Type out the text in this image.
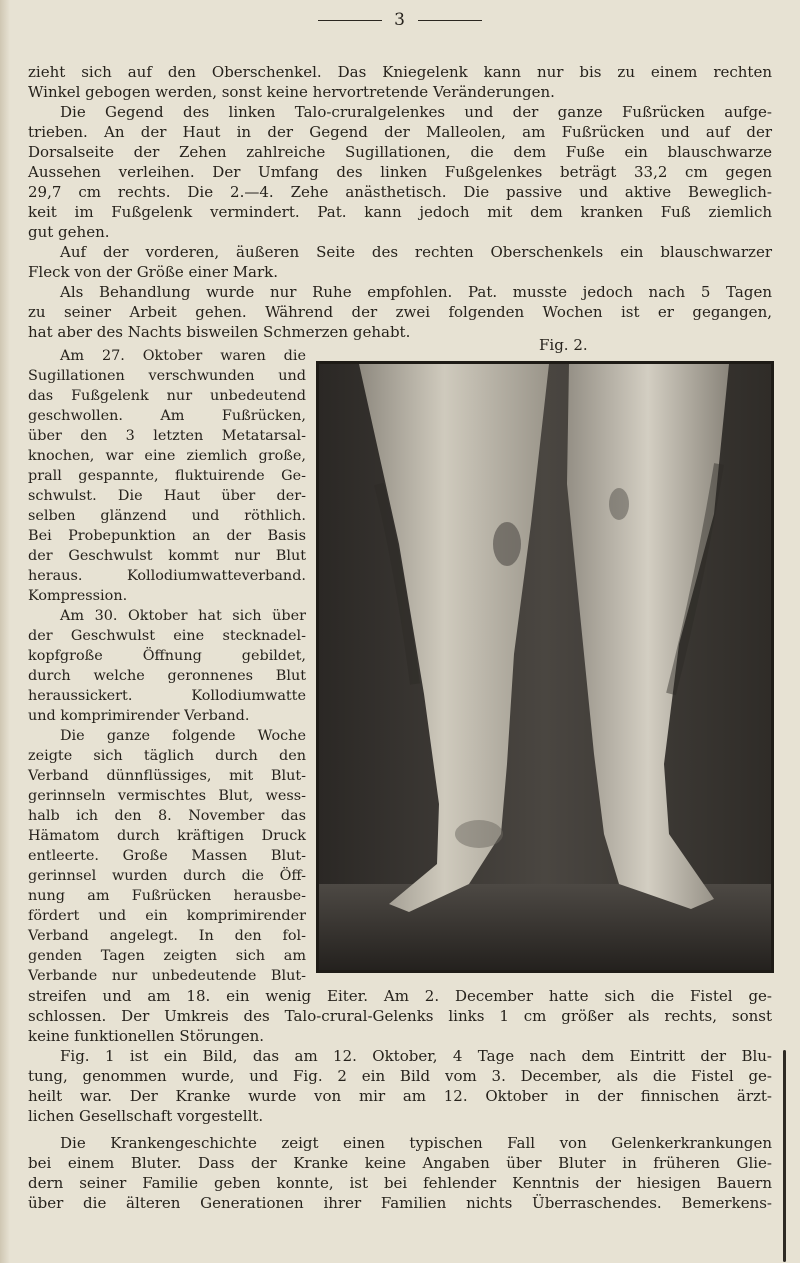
3
zieht sich auf den Oberschenkel. Das Kniegelenk kann nur bis zu einem rechten
Winkel gebogen werden, sonst keine hervortretende Veränderungen.
Die Gegend des linken Talo-cruralgelenkes und der ganze Fußrücken aufge-
trieben. An der Haut in der Gegend der Malleolen, am Fußrücken und auf der
Dorsalseite der Zehen zahlreiche Sugillationen, die dem Fuße ein blauschwarze
Aussehen verleihen. Der Umfang des linken Fußgelenkes beträgt 33,2 cm gegen
29,7 cm rechts. Die 2.—4. Zehe anästhetisch. Die passive und aktive Beweglich-
keit im Fußgelenk vermindert. Pat. kann jedoch mit dem kranken Fuß ziemlich
gut gehen.
Auf der vorderen, äußeren Seite des rechten Oberschenkels ein blauschwarzer
Fleck von der Größe einer Mark.
Als Behandlung wurde nur Ruhe empfohlen. Pat. musste jedoch nach 5 Tagen
zu seiner Arbeit gehen. Während der zwei folgenden Wochen ist er gegangen,
hat aber des Nachts bisweilen Schmerzen gehabt.
Fig. 2.
Am 27. Oktober waren die
Sugillationen verschwunden und
das Fußgelenk nur unbedeutend
geschwollen. Am Fußrücken,
über den 3 letzten Metatarsal-
knochen, war eine ziemlich große,
prall gespannte, fluktuirende Ge-
schwulst. Die Haut über der-
selben glänzend und röthlich.
Bei Probepunktion an der Basis
der Geschwulst kommt nur Blut
heraus. Kollodiumwatteverband.
Kompression.
Am 30. Oktober hat sich über
der Geschwulst eine stecknadel-
kopfgroße Öffnung gebildet,
durch welche geronnenes Blut
heraussickert. Kollodiumwatte
und komprimirender Verband.
Die ganze folgende Woche
zeigte sich täglich durch den
Verband dünnflüssiges, mit Blut-
gerinnseln vermischtes Blut, wess-
halb ich den 8. November das
Hämatom durch kräftigen Druck
entleerte. Große Massen Blut-
gerinnsel wurden durch die Öff-
nung am Fußrücken herausbe-
fördert und ein komprimirender
Verband angelegt. In den fol-
genden Tagen zeigten sich am
Verbande nur unbedeutende Blut-
streifen und am 18. ein wenig Eiter. Am 2. December hatte sich die Fistel ge-
schlossen. Der Umkreis des Talo-crural-Gelenks links 1 cm größer als rechts, sonst
keine funktionellen Störungen.
Fig. 1 ist ein Bild, das am 12. Oktober, 4 Tage nach dem Eintritt der Blu-
tung, genommen wurde, und Fig. 2 ein Bild vom 3. December, als die Fistel ge-
heilt war. Der Kranke wurde von mir am 12. Oktober in der finnischen ärzt-
lichen Gesellschaft vorgestellt.
Die Krankengeschichte zeigt einen typischen Fall von Gelenkerkrankungen
bei einem Bluter. Dass der Kranke keine Angaben über Bluter in früheren Glie-
dern seiner Familie geben konnte, ist bei fehlender Kenntnis der hiesigen Bauern
über die älteren Generationen ihrer Familien nichts Überraschendes. Bemerkens-
